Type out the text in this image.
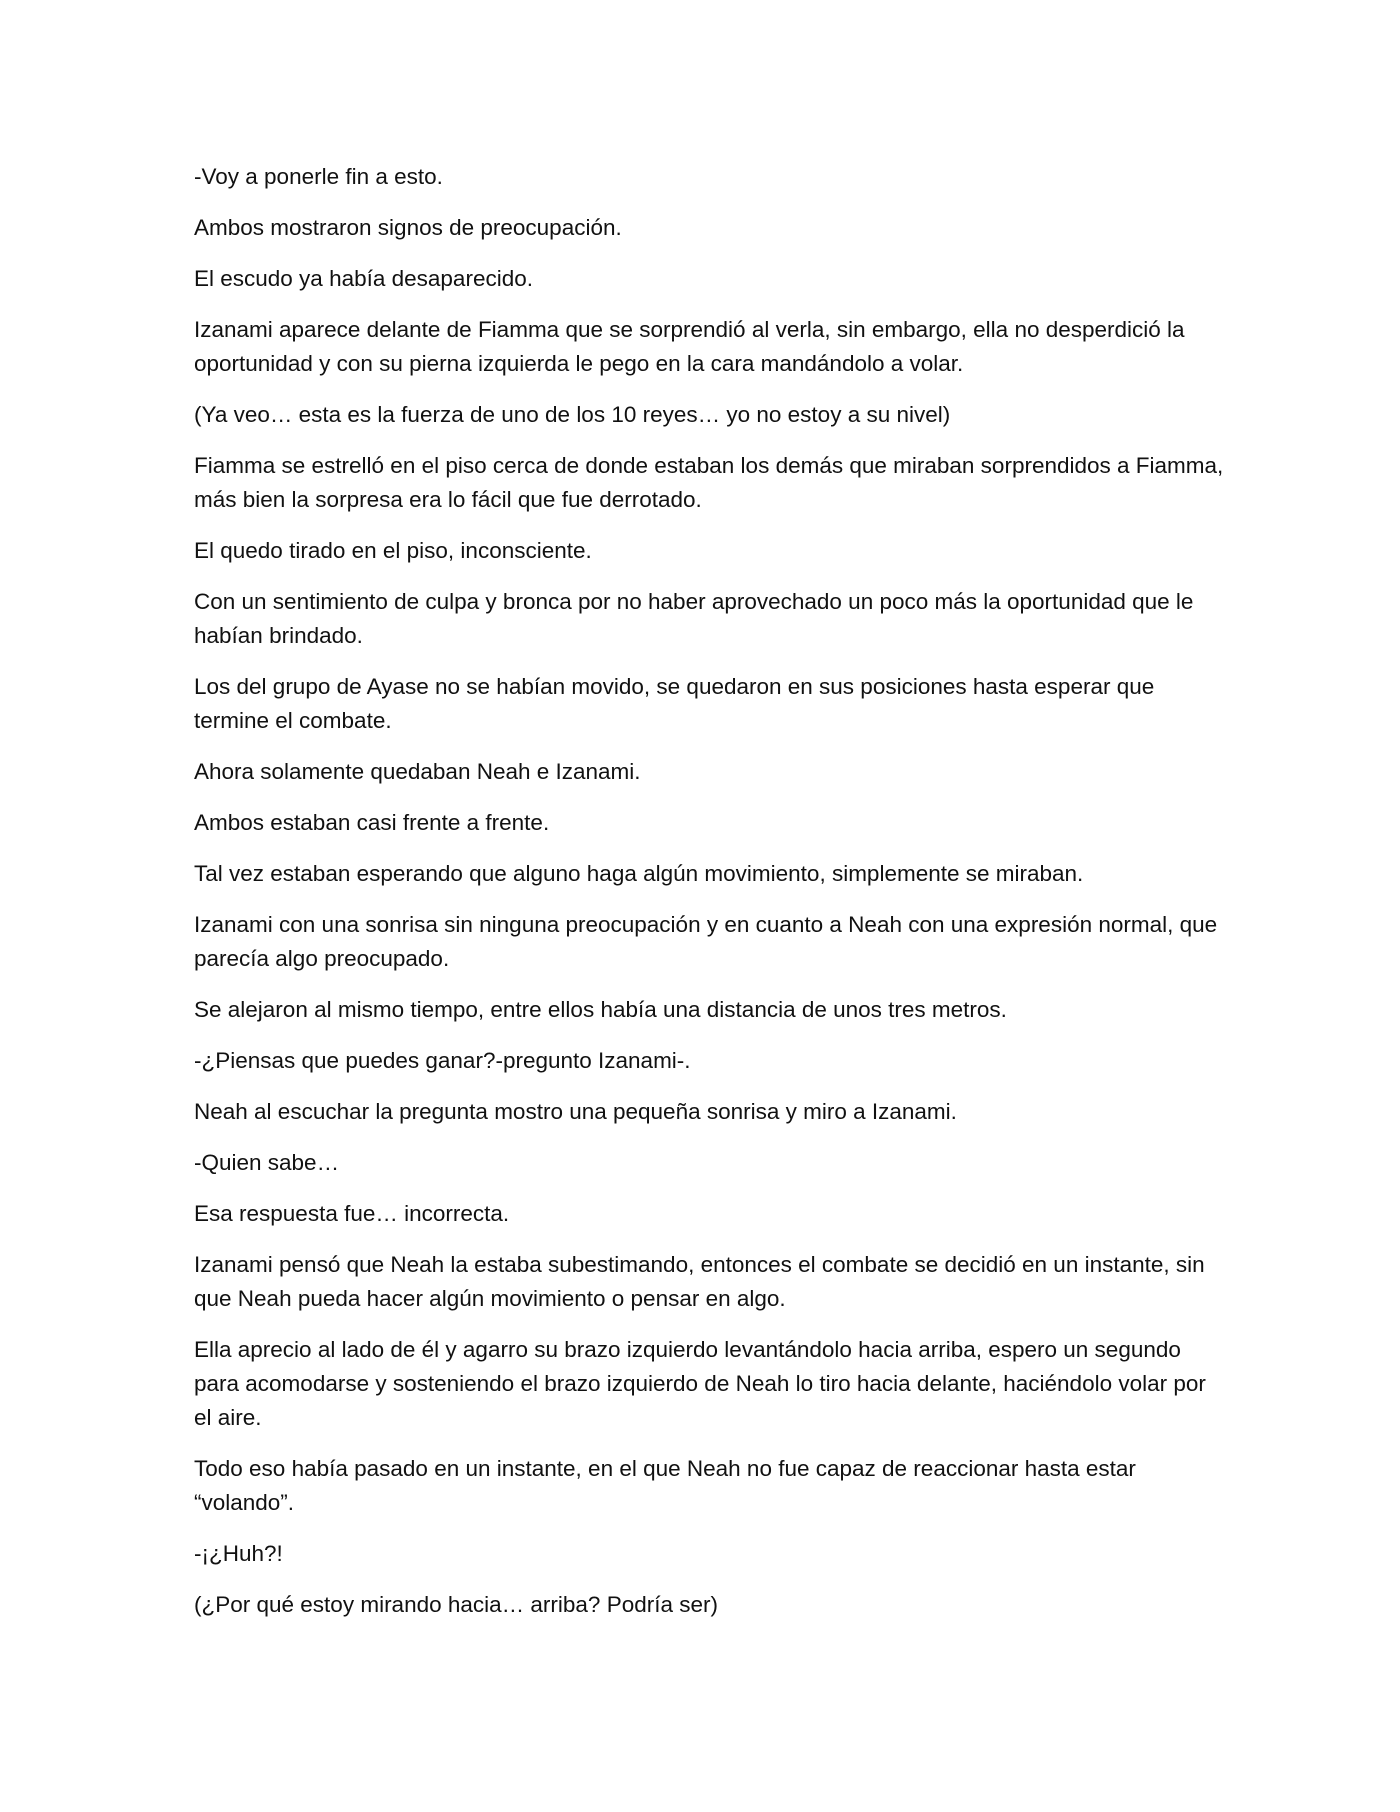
-Voy a ponerle fin a esto.

Ambos mostraron signos de preocupación.

El escudo ya había desaparecido.

Izanami aparece delante de Fiamma que se sorprendió al verla, sin embargo, ella no desperdició la oportunidad y con su pierna izquierda le pego en la cara mandándolo a volar.

(Ya veo… esta es la fuerza de uno de los 10 reyes… yo no estoy a su nivel)

Fiamma se estrelló en el piso cerca de donde estaban los demás que miraban sorprendidos a Fiamma, más bien la sorpresa era lo fácil que fue derrotado.

El quedo tirado en el piso, inconsciente.

Con un sentimiento de culpa y bronca por no haber aprovechado un poco más la oportunidad que le habían brindado.

Los del grupo de Ayase no se habían movido, se quedaron en sus posiciones hasta esperar que termine el combate.

Ahora solamente quedaban Neah e Izanami.

Ambos estaban casi frente a frente.

Tal vez estaban esperando que alguno haga algún movimiento, simplemente se miraban.

Izanami con una sonrisa sin ninguna preocupación y en cuanto a Neah con una expresión normal, que parecía algo preocupado.

Se alejaron al mismo tiempo, entre ellos había una distancia de unos tres metros.

-¿Piensas que puedes ganar?-pregunto Izanami-.

Neah al escuchar la pregunta mostro una pequeña sonrisa y miro a Izanami.

-Quien sabe…

Esa respuesta fue… incorrecta.

Izanami pensó que Neah la estaba subestimando, entonces el combate se decidió en un instante, sin que Neah pueda hacer algún movimiento o pensar en algo.

Ella aprecio al lado de él y agarro su brazo izquierdo levantándolo hacia arriba, espero un segundo para acomodarse y sosteniendo el brazo izquierdo de Neah lo tiro hacia delante, haciéndolo volar por el aire.

Todo eso había pasado en un instante, en el que Neah no fue capaz de reaccionar hasta estar “volando”.

-¡¿Huh?!

(¿Por qué estoy mirando hacia… arriba? Podría ser)
